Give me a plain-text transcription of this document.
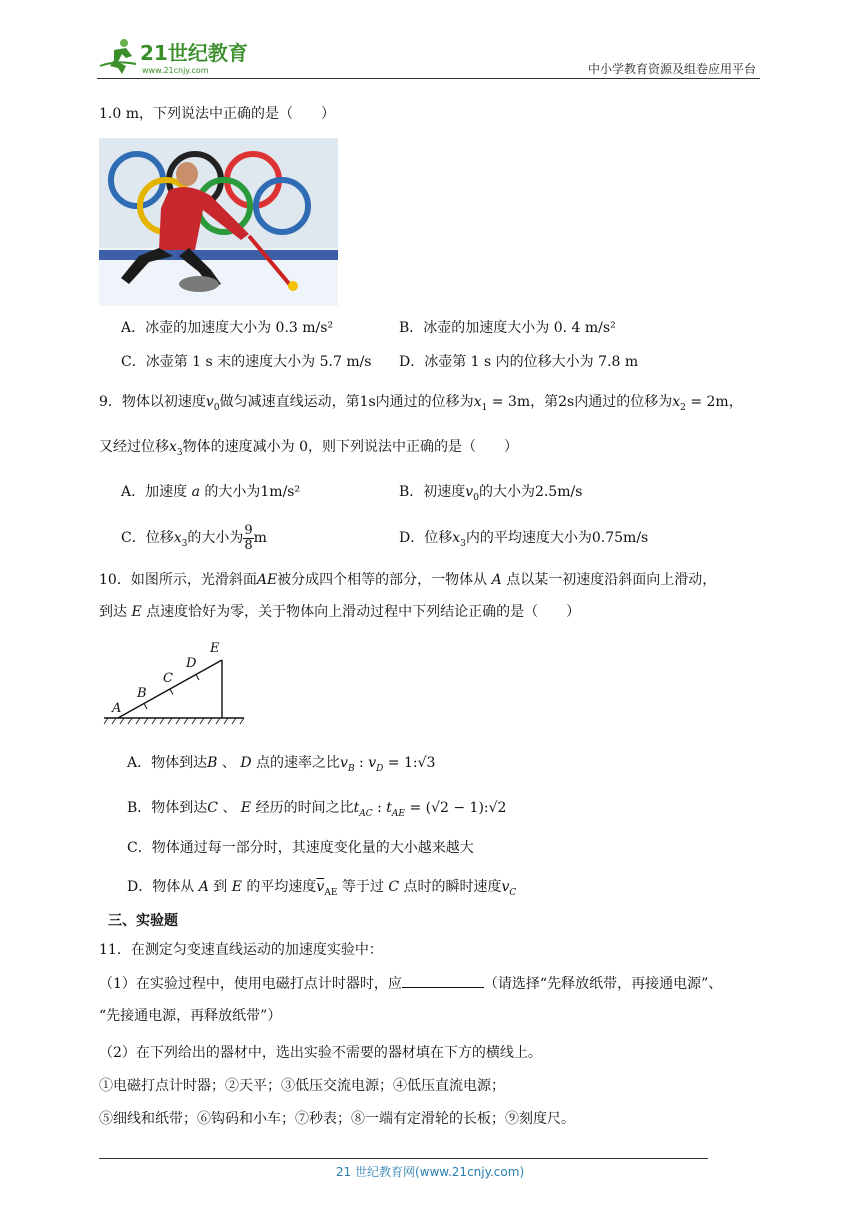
21世纪教育
www.21cnjy.com	中小学教育资源及组卷应用平台
1.0 m，下列说法中正确的是（　　）
A．冰壶的加速度大小为 0.3 m/s²	B．冰壶的加速度大小为 0. 4 m/s²
C．冰壶第 1 s 末的速度大小为 5.7 m/s D．冰壶第 1 s 内的位移大小为 7.8 m
9．物体以初速度$v_0$做匀减速直线运动，第1s内通过的位移为$x_1 = 3m$，第2s内通过的位移为$x_2 = 2m$，
又经过位移$x_3$物体的速度减小为 0，则下列说法中正确的是（　　）
A．加速度 a 的大小为1m/s²	B．初速度$v_0$的大小为2.5m/s
C．位移$x_3$的大小为 $\frac{9}{8}$ m	D．位移$x_3$内的平均速度大小为0.75m/s
10．如图所示，光滑斜面AE被分成四个相等的部分，一物体从 A 点以某一初速度沿斜面向上滑动，
到达 E 点速度恰好为零，关于物体向上滑动过程中下列结论正确的是（　　）
A
B
C
D
E
A．物体到达B 、 D 点的速率之比$v_B$ : $v_D$ = 1:√3
B．物体到达C 、 E 经历的时间之比$t_{AC}$ : $t_{AE} = (√2$ − 1):√2
C．物体通过每一部分时，其速度变化量的大小越来越大
D．物体从 A 到 E 的平均速度$\overline{v}_{AE}$ 等于过 C 点时的瞬时速度$v_C$
三、实验题
11．在测定匀变速直线运动的加速度实验中：
（1）在实验过程中，使用电磁打点计时器时，应	（请选择“先释放纸带，再接通电源”、
“先接通电源，再释放纸带”）
（2）在下列给出的器材中，选出实验不需要的器材填在下方的横线上。
①电磁打点计时器；②天平；③低压交流电源；④低压直流电源；
⑤细线和纸带；⑥钩码和小车；⑦秒表；⑧一端有定滑轮的长板；⑨刻度尺。
21 世纪教育网(www.21cnjy.com)
